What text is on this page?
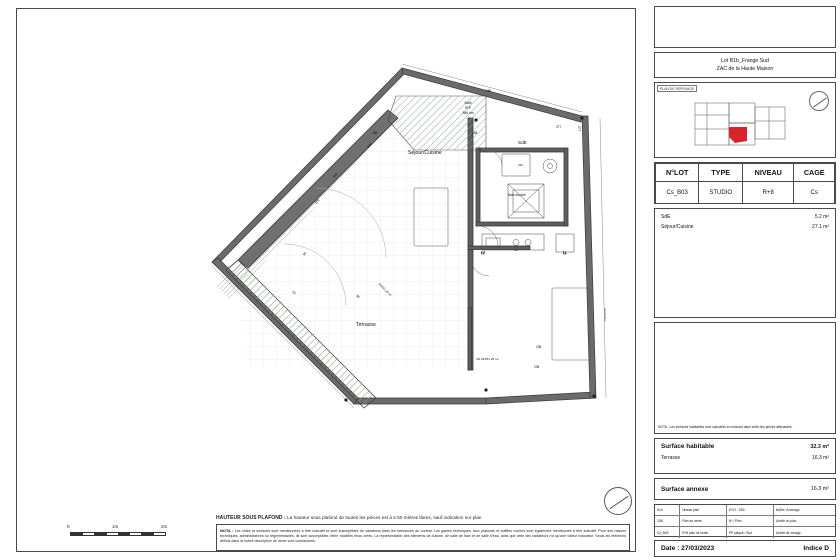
Salle
l'EP
366 cm
LV	LL
Séjour/Cuisine
Terrasse
SdE
Bain-douche
222
156
277	277
255
144
162
104
99
63
86	344/51.25 m²
238
238
VE 344/51.25 m²
258
Seuil libre
0	1m	2m
HAUTEUR SOUS PLAFOND : La hauteur sous plafond de toutes les pièces est à 2.50 mètres libres, sauf indication sur plan
NOTA : Les côtes et surfaces sont mentionnées à titre indicatif et sont susceptibles de variations dans les tolérances du contrat. Les gaines techniques, faux plafonds et soffites connus sont également mentionnés à titre indicatif. Pour des raisons techniques, administratives ou réglementaires, ils sont susceptibles d'être modifiés et/ou créés. La représentation des éléments de cuisine, de salle de bain et de salle d'eau, ainsi que celle des radiateurs n'a qu'une valeur indicative. Seuls les éléments définis dans la notice descriptive de vente sont contractuels.
Lot B1b_Frange Sud
ZAC de la Haute Maison
PLAN DE REPERAGE
N°LOT	TYPE	NIVEAU	CAGE
Cs_B03	STUDIO	R+8	Cs
SdE	5.2 m²
Séjour/Cuisine	27.1 m²
NOTA : Les surfaces habitables sont calculées en incluant dans celle des pièces attenantes.
Surface habitable	32.3 m²
Terrasse	16.3 m²
Surface annexe	16.3 m²
Ech.	Niveau plan	ECH : 1/50	MaÎtre d'ouvrage
1/50	Plan de vente	Nº / Plan	Libellé du plan
Cs_B03	R+8 plan de vente	PP plaque / Sud	Libellé de zonage
Date : 27/03/2023	Indice D
